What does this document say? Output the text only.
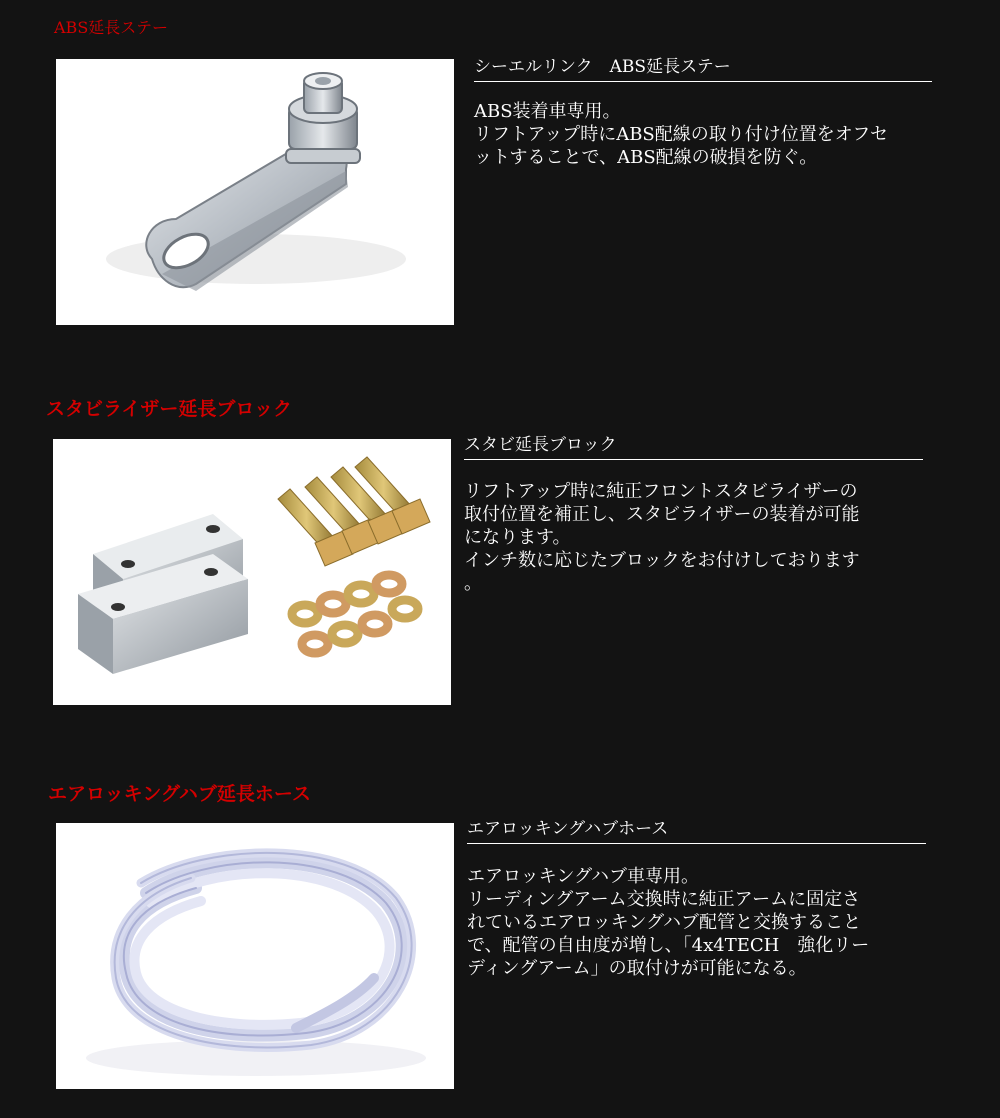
ABS延長ステー
シーエルリンク　ABS延長ステー

ABS装着車専用。

リフトアップ時にABS配線の取り付け位置をオフセ

ットすることで、ABS配線の破損を防ぐ。

スタビライザー延長ブロック
スタビ延長ブロック

リフトアップ時に純正フロントスタビライザーの

取付位置を補正し、スタビライザーの装着が可能

になります。

インチ数に応じたブロックをお付けしております

。

エアロッキングハブ延長ホース
エアロッキングハブホース

エアロッキングハブ車専用。

リーディングアーム交換時に純正アームに固定さ

れているエアロッキングハブ配管と交換すること

で、配管の自由度が増し、「4x4TECH　強化リー

ディングアーム」の取付けが可能になる。
